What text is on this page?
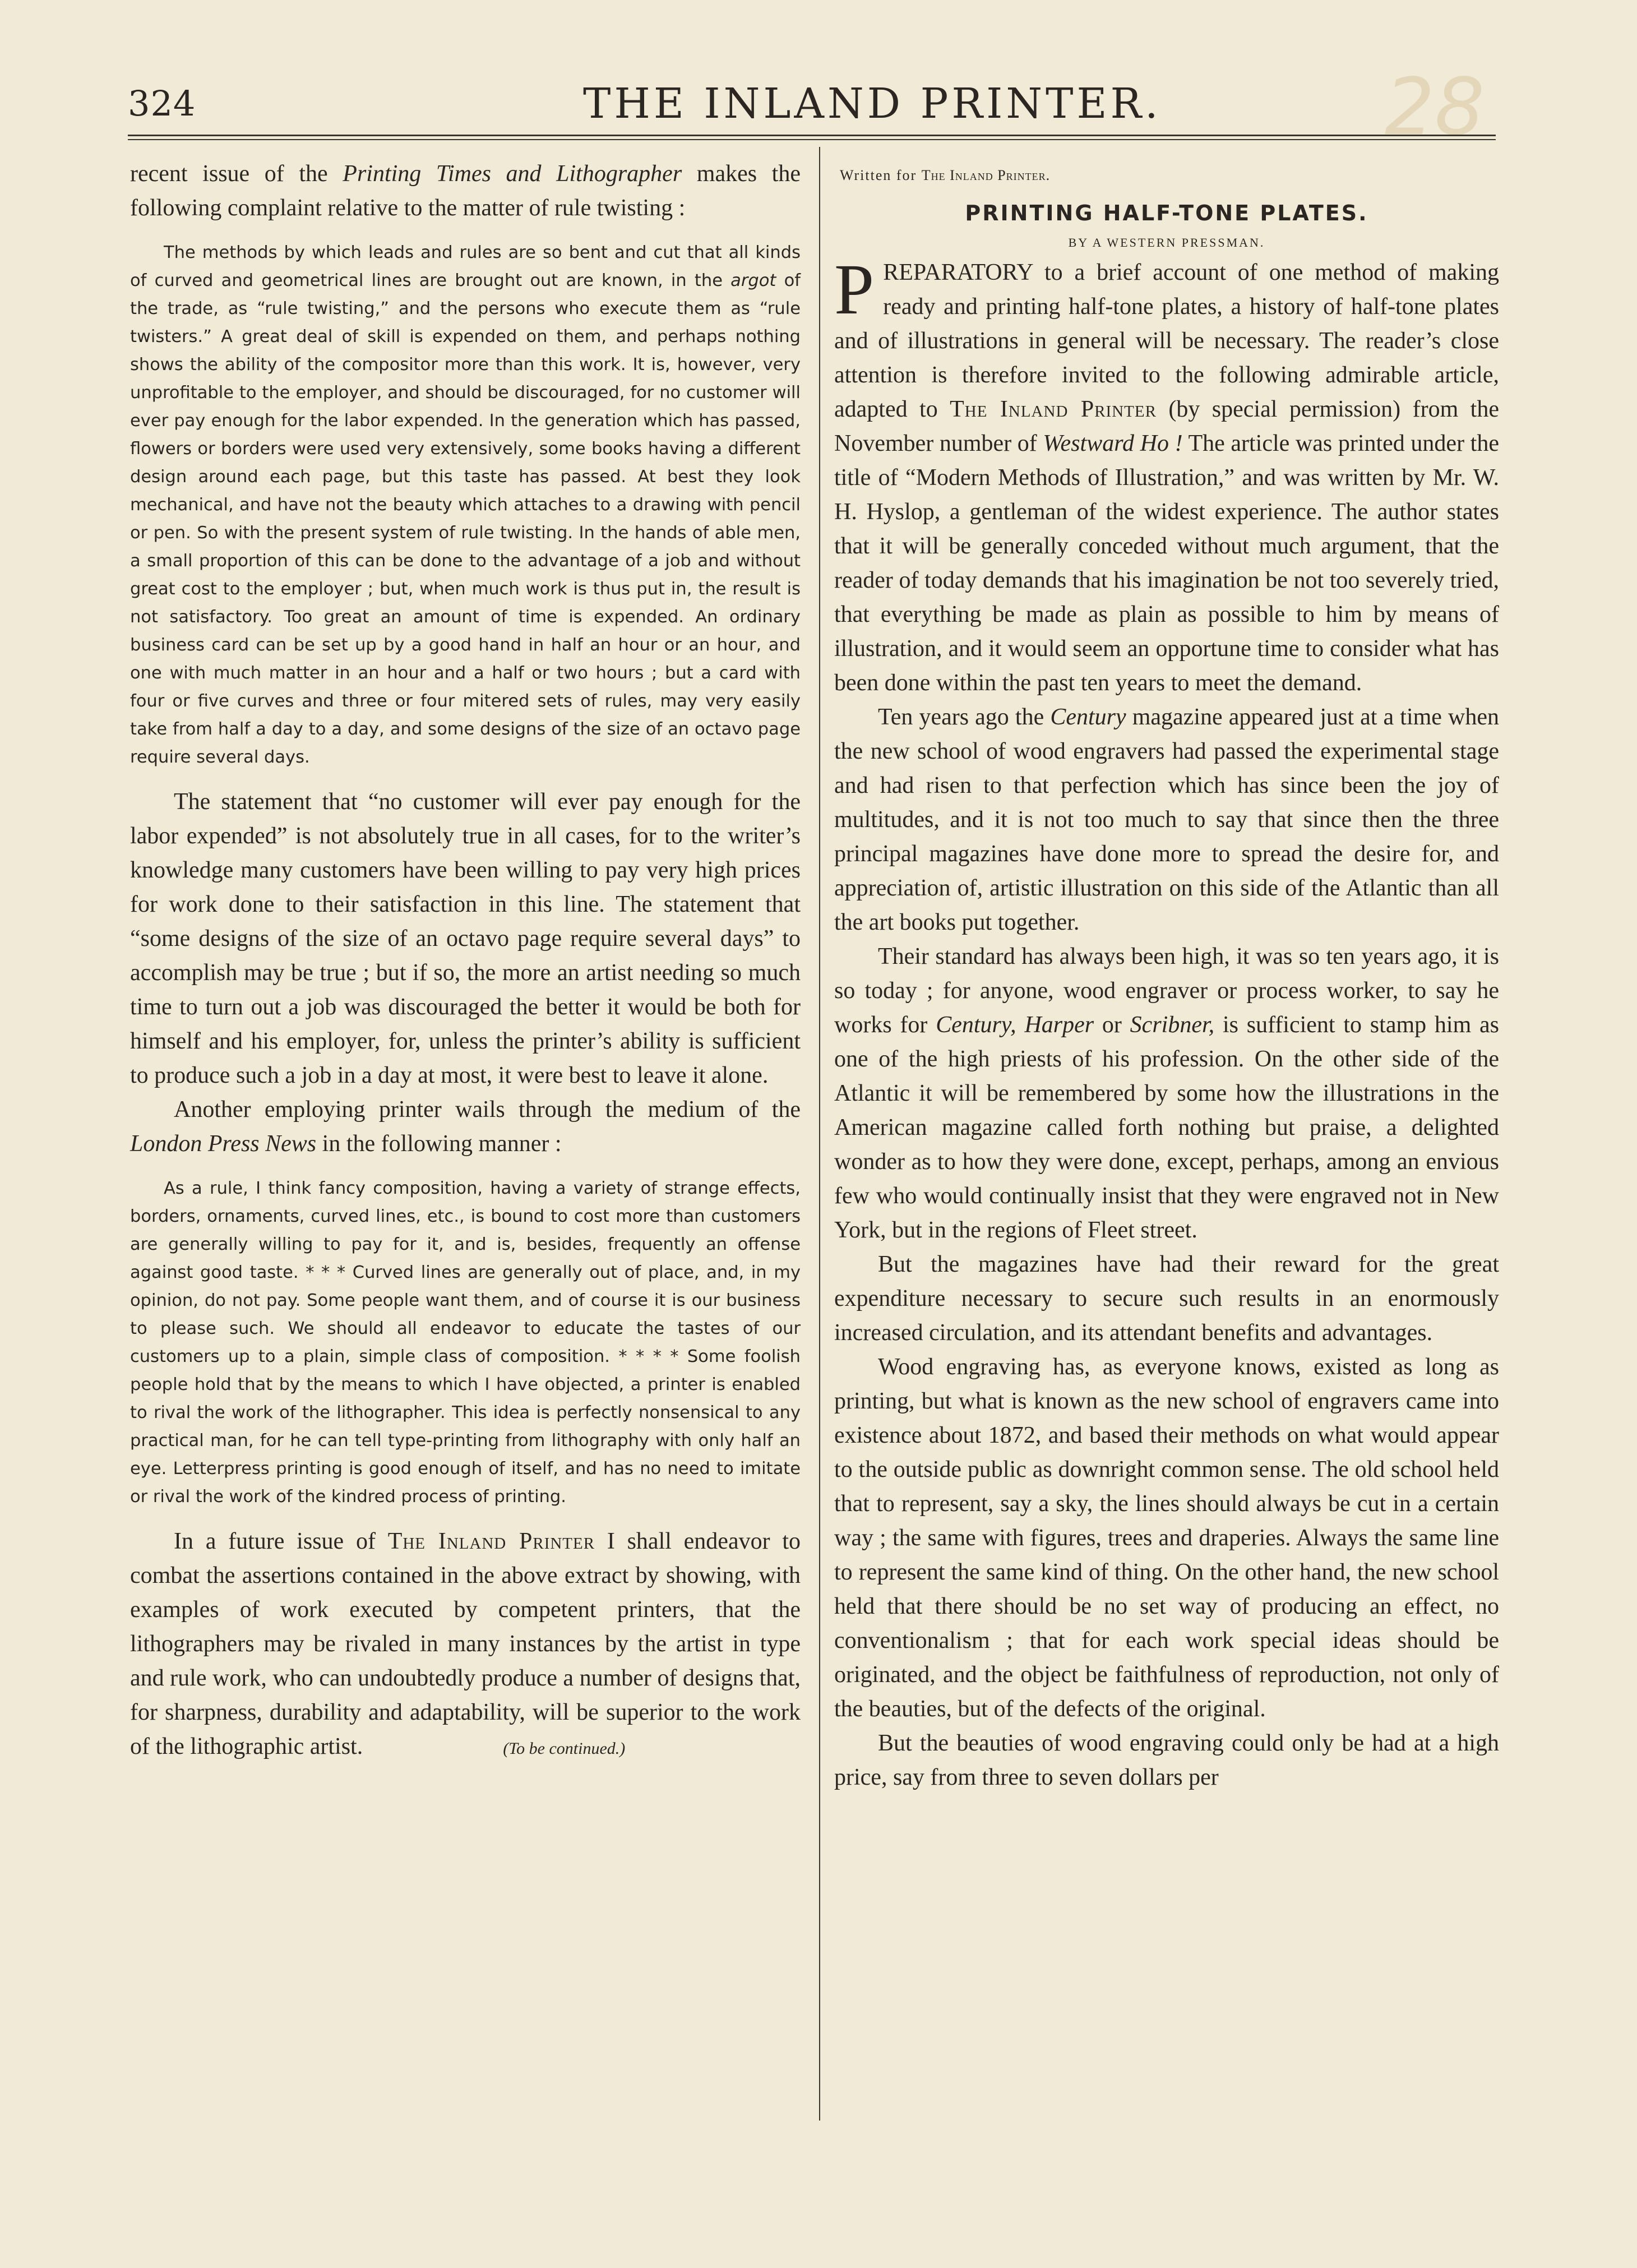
324	THE INLAND PRINTER.	28

recent issue of the Printing Times and Lithographer makes the following complaint relative to the matter of rule twisting :

The methods by which leads and rules are so bent and cut that all kinds of curved and geometrical lines are brought out are known, in the argot of the trade, as “rule twisting,” and the persons who execute them as “rule twisters.” A great deal of skill is expended on them, and perhaps nothing shows the ability of the compositor more than this work. It is, however, very unprofitable to the employer, and should be discouraged, for no customer will ever pay enough for the labor expended. In the generation which has passed, flowers or borders were used very extensively, some books having a different design around each page, but this taste has passed. At best they look mechanical, and have not the beauty which attaches to a drawing with pencil or pen. So with the present system of rule twisting. In the hands of able men, a small proportion of this can be done to the advantage of a job and without great cost to the employer ; but, when much work is thus put in, the result is not satisfactory. Too great an amount of time is expended. An ordinary business card can be set up by a good hand in half an hour or an hour, and one with much matter in an hour and a half or two hours ; but a card with four or five curves and three or four mitered sets of rules, may very easily take from half a day to a day, and some designs of the size of an octavo page require several days.

The statement that “no customer will ever pay enough for the labor expended” is not absolutely true in all cases, for to the writer’s knowledge many customers have been willing to pay very high prices for work done to their satisfaction in this line. The statement that “some designs of the size of an octavo page require several days” to accomplish may be true ; but if so, the more an artist needing so much time to turn out a job was discouraged the better it would be both for himself and his employer, for, unless the printer’s ability is sufficient to produce such a job in a day at most, it were best to leave it alone.

Another employing printer wails through the medium of the London Press News in the following manner :

As a rule, I think fancy composition, having a variety of strange effects, borders, ornaments, curved lines, etc., is bound to cost more than customers are generally willing to pay for it, and is, besides, frequently an offense against good taste. * * * Curved lines are generally out of place, and, in my opinion, do not pay. Some people want them, and of course it is our business to please such. We should all endeavor to educate the tastes of our customers up to a plain, simple class of composition. * * * * Some foolish people hold that by the means to which I have objected, a printer is enabled to rival the work of the lithographer. This idea is perfectly nonsensical to any practical man, for he can tell type-printing from lithography with only half an eye. Letterpress printing is good enough of itself, and has no need to imitate or rival the work of the kindred process of printing.

In a future issue of The Inland Printer I shall endeavor to combat the assertions contained in the above extract by showing, with examples of work executed by competent printers, that the lithographers may be rivaled in many instances by the artist in type and rule work, who can undoubtedly produce a number of designs that, for sharpness, durability and adaptability, will be superior to the work of the lithographic artist.	(To be continued.)

Written for The Inland Printer.

PRINTING HALF-TONE PLATES.

BY A WESTERN PRESSMAN.

PREPARATORY to a brief account of one method of making ready and printing half-tone plates, a history of half-tone plates and of illustrations in general will be necessary. The reader’s close attention is therefore invited to the following admirable article, adapted to The Inland Printer (by special permission) from the November number of Westward Ho ! The article was printed under the title of “Modern Methods of Illustration,” and was written by Mr. W. H. Hyslop, a gentleman of the widest experience. The author states that it will be generally conceded without much argument, that the reader of today demands that his imagination be not too severely tried, that everything be made as plain as possible to him by means of illustration, and it would seem an opportune time to consider what has been done within the past ten years to meet the demand.

Ten years ago the Century magazine appeared just at a time when the new school of wood engravers had passed the experimental stage and had risen to that perfection which has since been the joy of multitudes, and it is not too much to say that since then the three principal magazines have done more to spread the desire for, and appreciation of, artistic illustration on this side of the Atlantic than all the art books put together.

Their standard has always been high, it was so ten years ago, it is so today ; for anyone, wood engraver or process worker, to say he works for Century, Harper or Scribner, is sufficient to stamp him as one of the high priests of his profession. On the other side of the Atlantic it will be remembered by some how the illustrations in the American magazine called forth nothing but praise, a delighted wonder as to how they were done, except, perhaps, among an envious few who would continually insist that they were engraved not in New York, but in the regions of Fleet street.

But the magazines have had their reward for the great expenditure necessary to secure such results in an enormously increased circulation, and its attendant benefits and advantages.

Wood engraving has, as everyone knows, existed as long as printing, but what is known as the new school of engravers came into existence about 1872, and based their methods on what would appear to the outside public as downright common sense. The old school held that to represent, say a sky, the lines should always be cut in a certain way ; the same with figures, trees and draperies. Always the same line to represent the same kind of thing. On the other hand, the new school held that there should be no set way of producing an effect, no conventionalism ; that for each work special ideas should be originated, and the object be faithfulness of reproduction, not only of the beauties, but of the defects of the original.

But the beauties of wood engraving could only be had at a high price, say from three to seven dollars per
